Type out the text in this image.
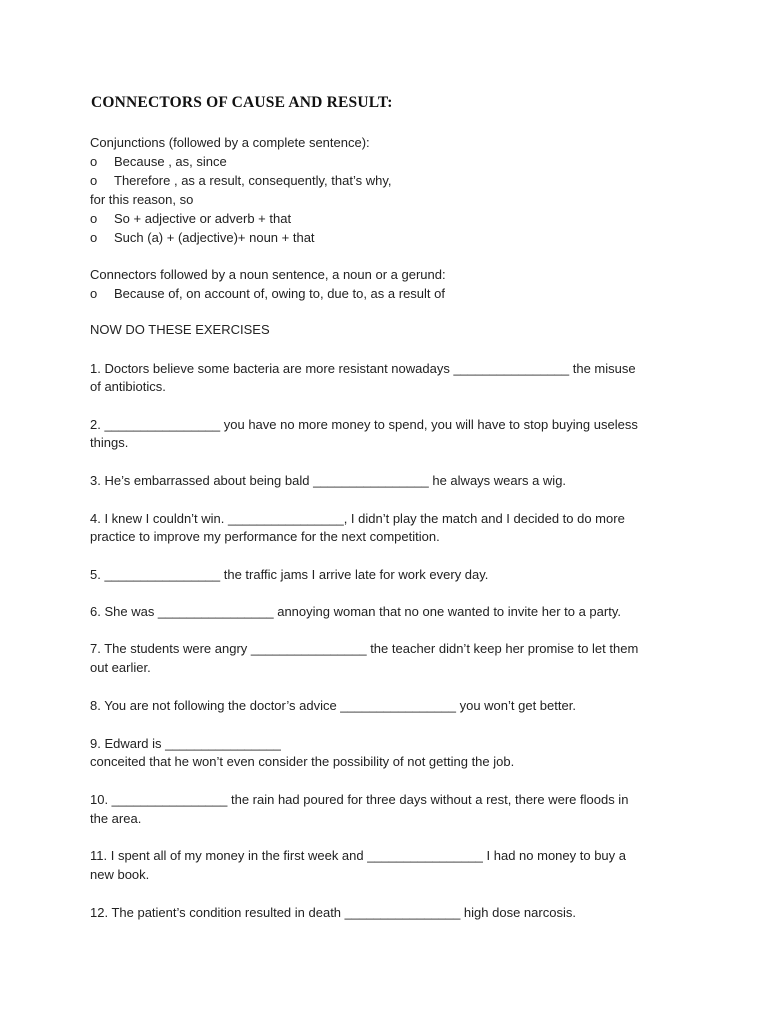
CONNECTORS OF CAUSE AND RESULT:
Conjunctions (followed by a complete sentence):
o Because , as, since
o Therefore , as a result, consequently, that’s why,
for this reason, so
o So + adjective or adverb + that
o Such (a) + (adjective)+ noun + that
Connectors followed by a noun sentence, a noun or a gerund:
o Because of, on account of, owing to, due to, as a result of
NOW DO THESE EXERCISES
1. Doctors believe some bacteria are more resistant nowadays ________________ the misuse
of antibiotics.
2. ________________ you have no more money to spend, you will have to stop buying useless
things.
3. He’s embarrassed about being bald ________________ he always wears a wig.
4. I knew I couldn’t win. ________________, I didn’t play the match and I decided to do more
practice to improve my performance for the next competition.
5. ________________ the traffic jams I arrive late for work every day.
6. She was ________________ annoying woman that no one wanted to invite her to a party.
7. The students were angry ________________ the teacher didn’t keep her promise to let them
out earlier.
8. You are not following the doctor’s advice ________________ you won’t get better.
9. Edward is ________________
conceited that he won’t even consider the possibility of not getting the job.
10. ________________ the rain had poured for three days without a rest, there were floods in
the area.
11. I spent all of my money in the first week and ________________ I had no money to buy a
new book.
12. The patient’s condition resulted in death ________________ high dose narcosis.
